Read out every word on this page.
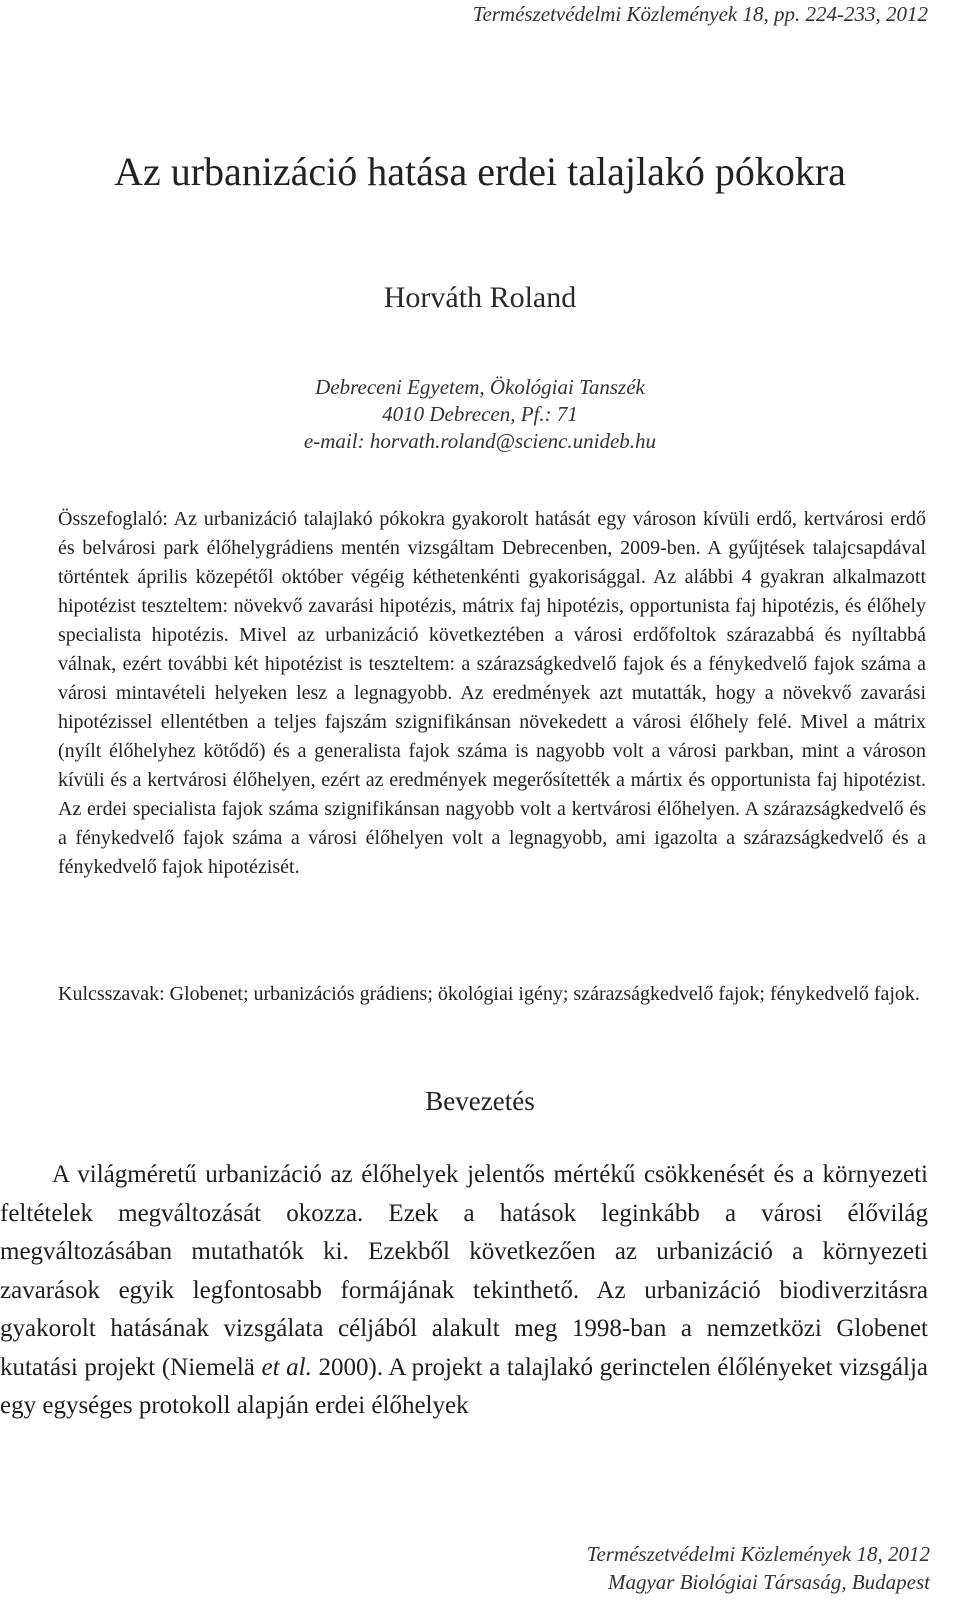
Természetvédelmi Közlemények 18, pp. 224-233, 2012

Az urbanizáció hatása erdei talajlakó pókokra
Horváth Roland
Debreceni Egyetem, Ökológiai Tanszék
4010 Debrecen, Pf.: 71
e-mail: horvath.roland@scienc.unideb.hu

Összefoglaló: Az urbanizáció talajlakó pókokra gyakorolt hatását egy városon kívüli erdő, kertvárosi erdő és belvárosi park élőhelygrádiens mentén vizsgáltam Debrecenben, 2009-ben. A gyűjtések talajcsapdával történtek április közepétől október végéig kéthetenkénti gyakorisággal. Az alábbi 4 gyakran alkalmazott hipotézist teszteltem: növekvő zavarási hipotézis, mátrix faj hipotézis, opportunista faj hipotézis, és élőhely specialista hipotézis. Mivel az urbanizáció következtében a városi erdőfoltok szárazabbá és nyíltabbá válnak, ezért további két hipotézist is teszteltem: a szárazságkedvelő fajok és a fénykedvelő fajok száma a városi mintavételi helyeken lesz a legnagyobb. Az eredmények azt mutatták, hogy a növekvő zavarási hipotézissel ellentétben a teljes fajszám szignifikánsan növekedett a városi élőhely felé. Mivel a mátrix (nyílt élőhelyhez kötődő) és a generalista fajok száma is nagyobb volt a városi parkban, mint a városon kívüli és a kertvárosi élőhelyen, ezért az eredmények megerősítették a mártix és opportunista faj hipotézist. Az erdei specialista fajok száma szignifikánsan nagyobb volt a kertvárosi élőhelyen. A szárazságkedvelő és a fénykedvelő fajok száma a városi élőhelyen volt a legnagyobb, ami igazolta a szárazságkedvelő és a fénykedvelő fajok hipotézisét.

Kulcsszavak: Globenet; urbanizációs grádiens; ökológiai igény; szárazságkedvelő fajok; fénykedvelő fajok.

Bevezetés

A világméretű urbanizáció az élőhelyek jelentős mértékű csökkenését és a környezeti feltételek megváltozását okozza. Ezek a hatások leginkább a városi élővilág megváltozásában mutathatók ki. Ezekből következően az urbanizáció a környezeti zavarások egyik legfontosabb formájának tekinthető. Az urbanizáció biodiverzitásra gyakorolt hatásának vizsgálata céljából alakult meg 1998-ban a nemzetközi Globenet kutatási projekt (Niemelä et al. 2000). A projekt a talajlakó gerinctelen élőlényeket vizsgálja egy egységes protokoll alapján erdei élőhelyek

Természetvédelmi Közlemények 18, 2012
Magyar Biológiai Társaság, Budapest
